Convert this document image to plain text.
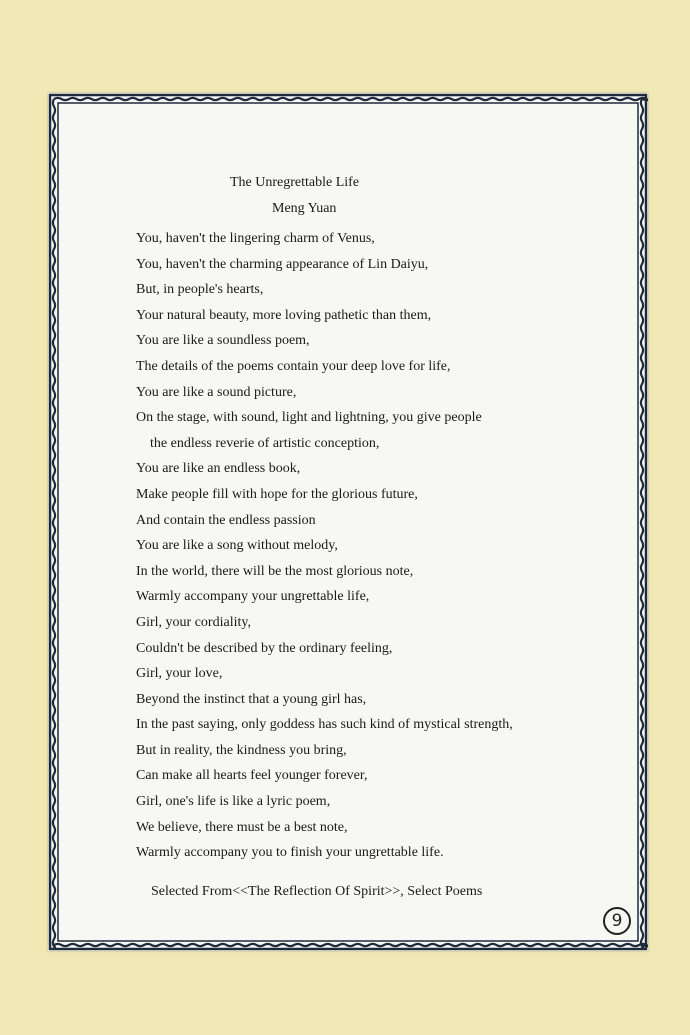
The Unregrettable Life
Meng Yuan
You, haven't the lingering charm of Venus,
You, haven't the charming appearance of Lin Daiyu,
But, in people's hearts,
Your natural beauty, more loving pathetic than them,
You are like a soundless poem,
The details of the poems contain your deep love for life,
You are like a sound picture,
On the stage, with sound, light and lightning, you give people
the endless reverie of artistic conception,
You are like an endless book,
Make people fill with hope for the glorious future,
And contain the endless passion
You are like a song without melody,
In the world, there will be the most glorious note,
Warmly accompany your ungrettable life,
Girl, your cordiality,
Couldn't be described by the ordinary feeling,
Girl, your love,
Beyond the instinct that a young girl has,
In the past saying, only goddess has such kind of mystical strength,
But in reality, the kindness you bring,
Can make all hearts feel younger forever,
Girl, one's life is like a lyric poem,
We believe, there must be a best note,
Warmly accompany you to finish your ungrettable life.
Selected From<<The Reflection Of Spirit>>, Select Poems
9
